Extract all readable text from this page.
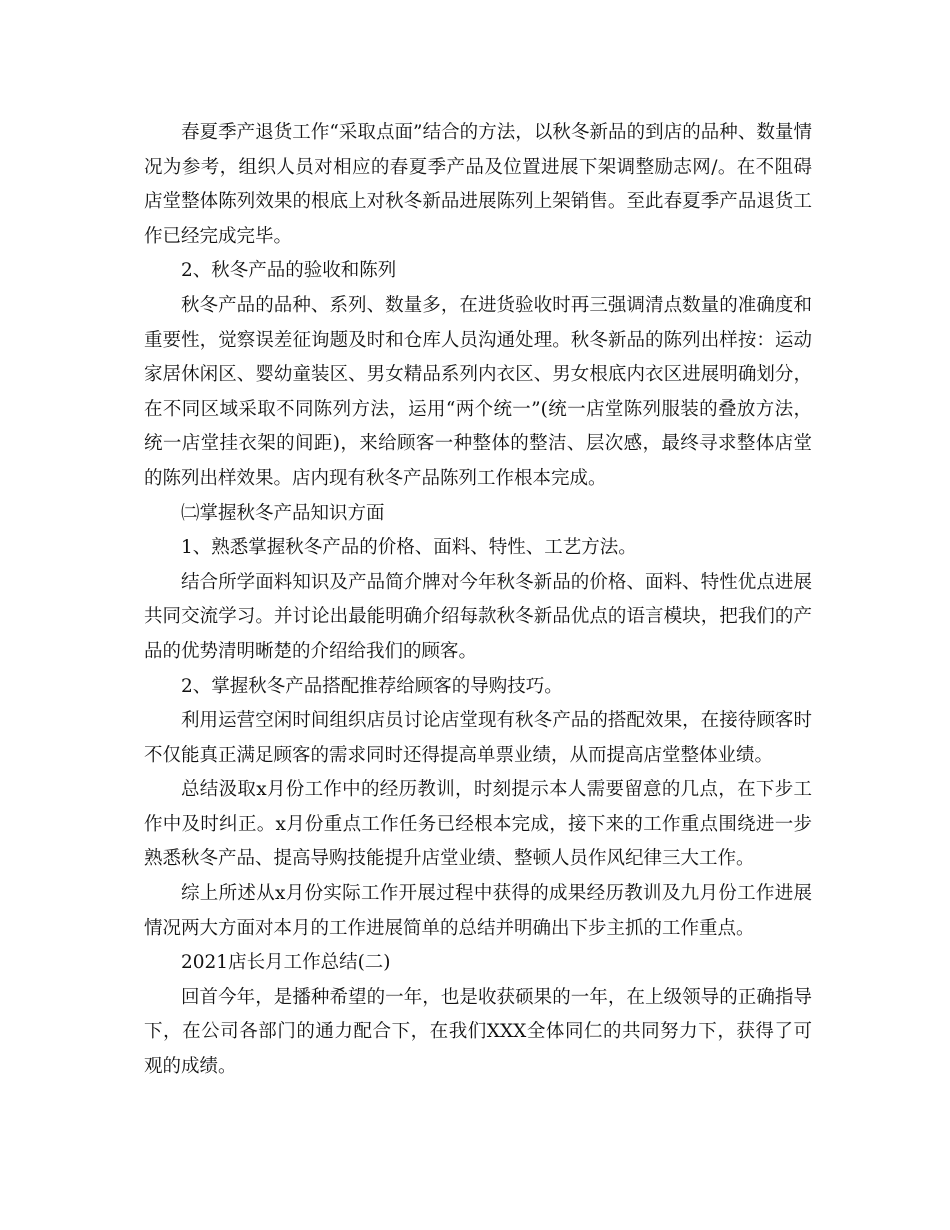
春夏季产退货工作“采取点面”结合的方法，以秋冬新品的到店的品种、数量情况为参考，组织人员对相应的春夏季产品及位置进展下架调整励志网/。在不阻碍店堂整体陈列效果的根底上对秋冬新品进展陈列上架销售。至此春夏季产品退货工作已经完成完毕。

2、秋冬产品的验收和陈列

秋冬产品的品种、系列、数量多，在进货验收时再三强调清点数量的准确度和重要性，觉察误差征询题及时和仓库人员沟通处理。秋冬新品的陈列出样按：运动家居休闲区、婴幼童装区、男女精品系列内衣区、男女根底内衣区进展明确划分，在不同区域采取不同陈列方法，运用“两个统一”(统一店堂陈列服装的叠放方法，统一店堂挂衣架的间距)，来给顾客一种整体的整洁、层次感，最终寻求整体店堂的陈列出样效果。店内现有秋冬产品陈列工作根本完成。

㈡掌握秋冬产品知识方面

1、熟悉掌握秋冬产品的价格、面料、特性、工艺方法。

结合所学面料知识及产品简介牌对今年秋冬新品的价格、面料、特性优点进展共同交流学习。并讨论出最能明确介绍每款秋冬新品优点的语言模块，把我们的产品的优势清明晰楚的介绍给我们的顾客。

2、掌握秋冬产品搭配推荐给顾客的导购技巧。

利用运营空闲时间组织店员讨论店堂现有秋冬产品的搭配效果，在接待顾客时不仅能真正满足顾客的需求同时还得提高单票业绩，从而提高店堂整体业绩。

总结汲取x月份工作中的经历教训，时刻提示本人需要留意的几点，在下步工作中及时纠正。x月份重点工作任务已经根本完成，接下来的工作重点围绕进一步熟悉秋冬产品、提高导购技能提升店堂业绩、整顿人员作风纪律三大工作。

综上所述从x月份实际工作开展过程中获得的成果经历教训及九月份工作进展情况两大方面对本月的工作进展简单的总结并明确出下步主抓的工作重点。

2021店长月工作总结(二)

回首今年，是播种希望的一年，也是收获硕果的一年，在上级领导的正确指导下，在公司各部门的通力配合下，在我们XXX全体同仁的共同努力下，获得了可观的成绩。
